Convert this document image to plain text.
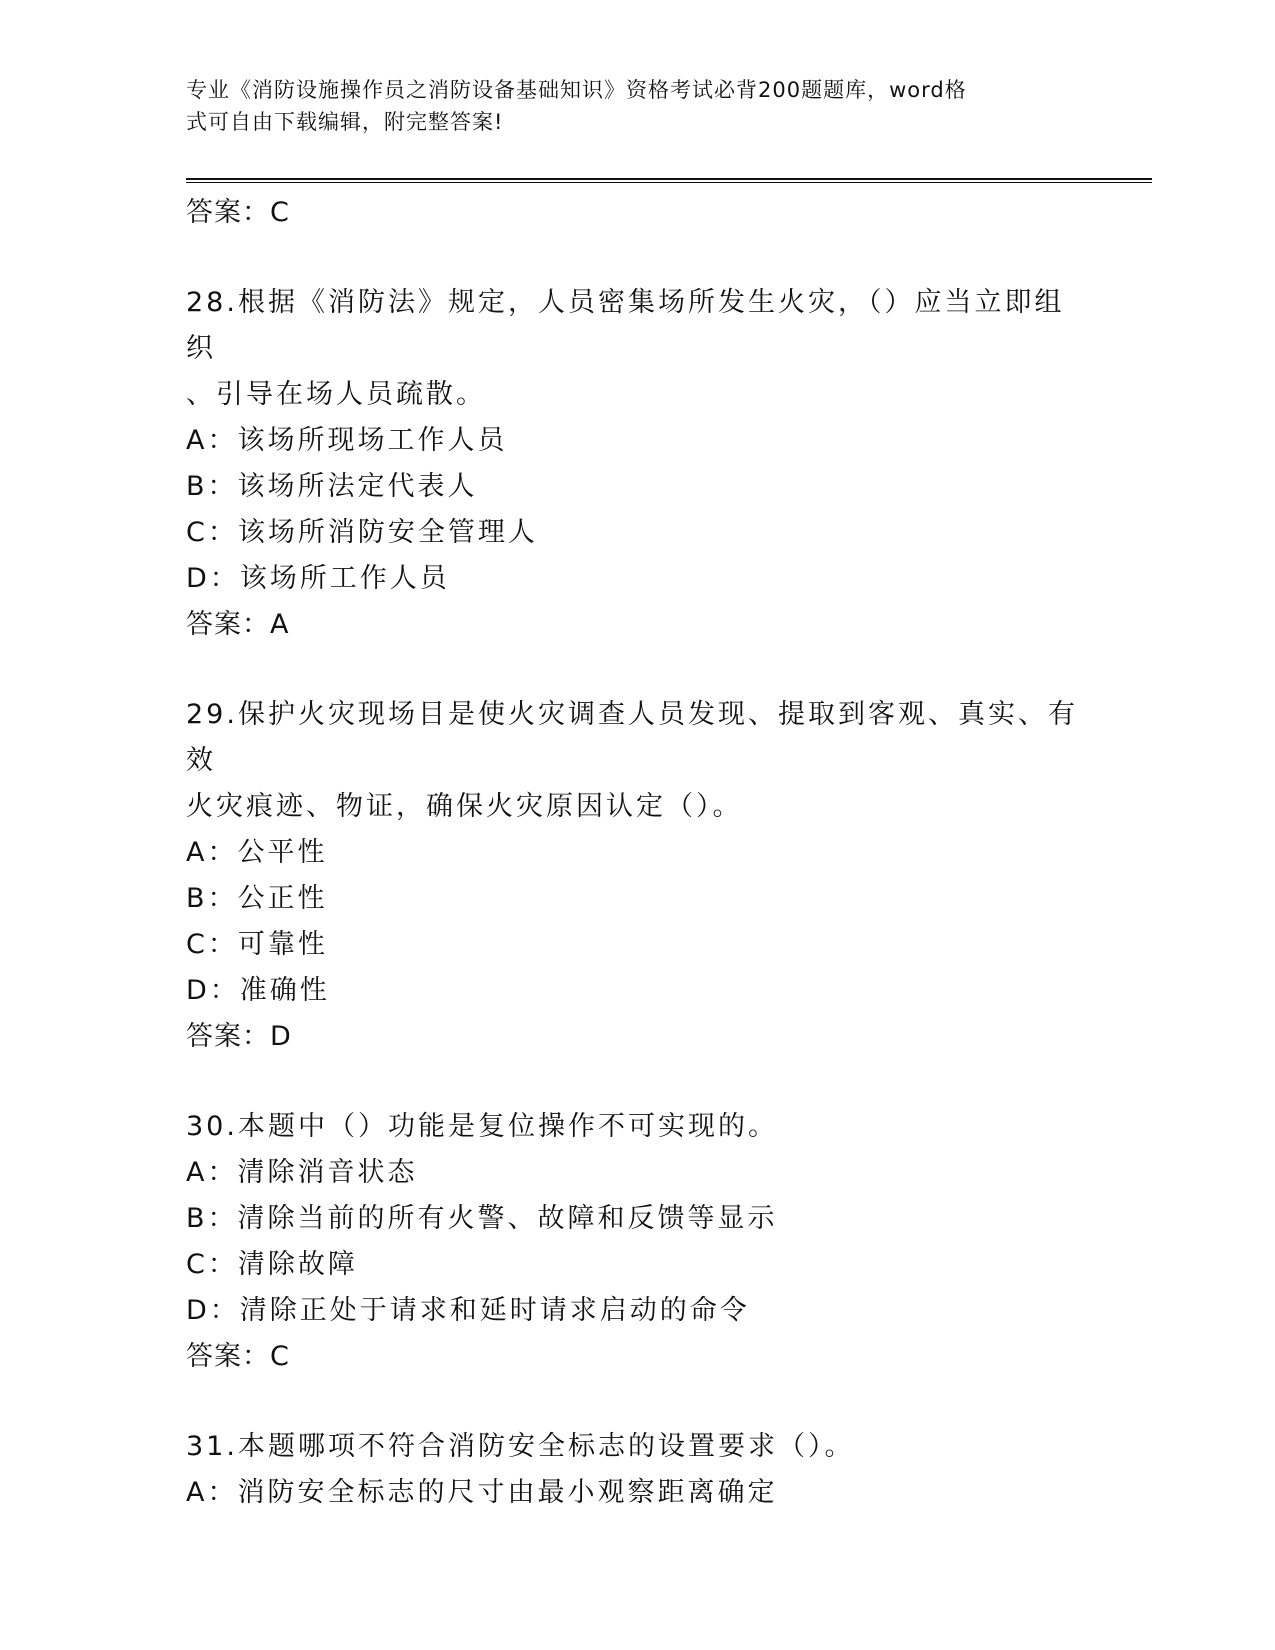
专业《消防设施操作员之消防设备基础知识》资格考试必背200题题库，word格
式可自由下载编辑，附完整答案!
答案：C
28.根据《消防法》规定，人员密集场所发生火灾，（）应当立即组织
、引导在场人员疏散。
A：该场所现场工作人员
B：该场所法定代表人
C：该场所消防安全管理人
D：该场所工作人员
答案：A
29.保护火灾现场目是使火灾调查人员发现、提取到客观、真实、有效
火灾痕迹、物证，确保火灾原因认定（）。
A：公平性
B：公正性
C：可靠性
D：准确性
答案：D
30.本题中（）功能是复位操作不可实现的。
A：清除消音状态
B：清除当前的所有火警、故障和反馈等显示
C：清除故障
D：清除正处于请求和延时请求启动的命令
答案：C
31.本题哪项不符合消防安全标志的设置要求（）。
A：消防安全标志的尺寸由最小观察距离确定
